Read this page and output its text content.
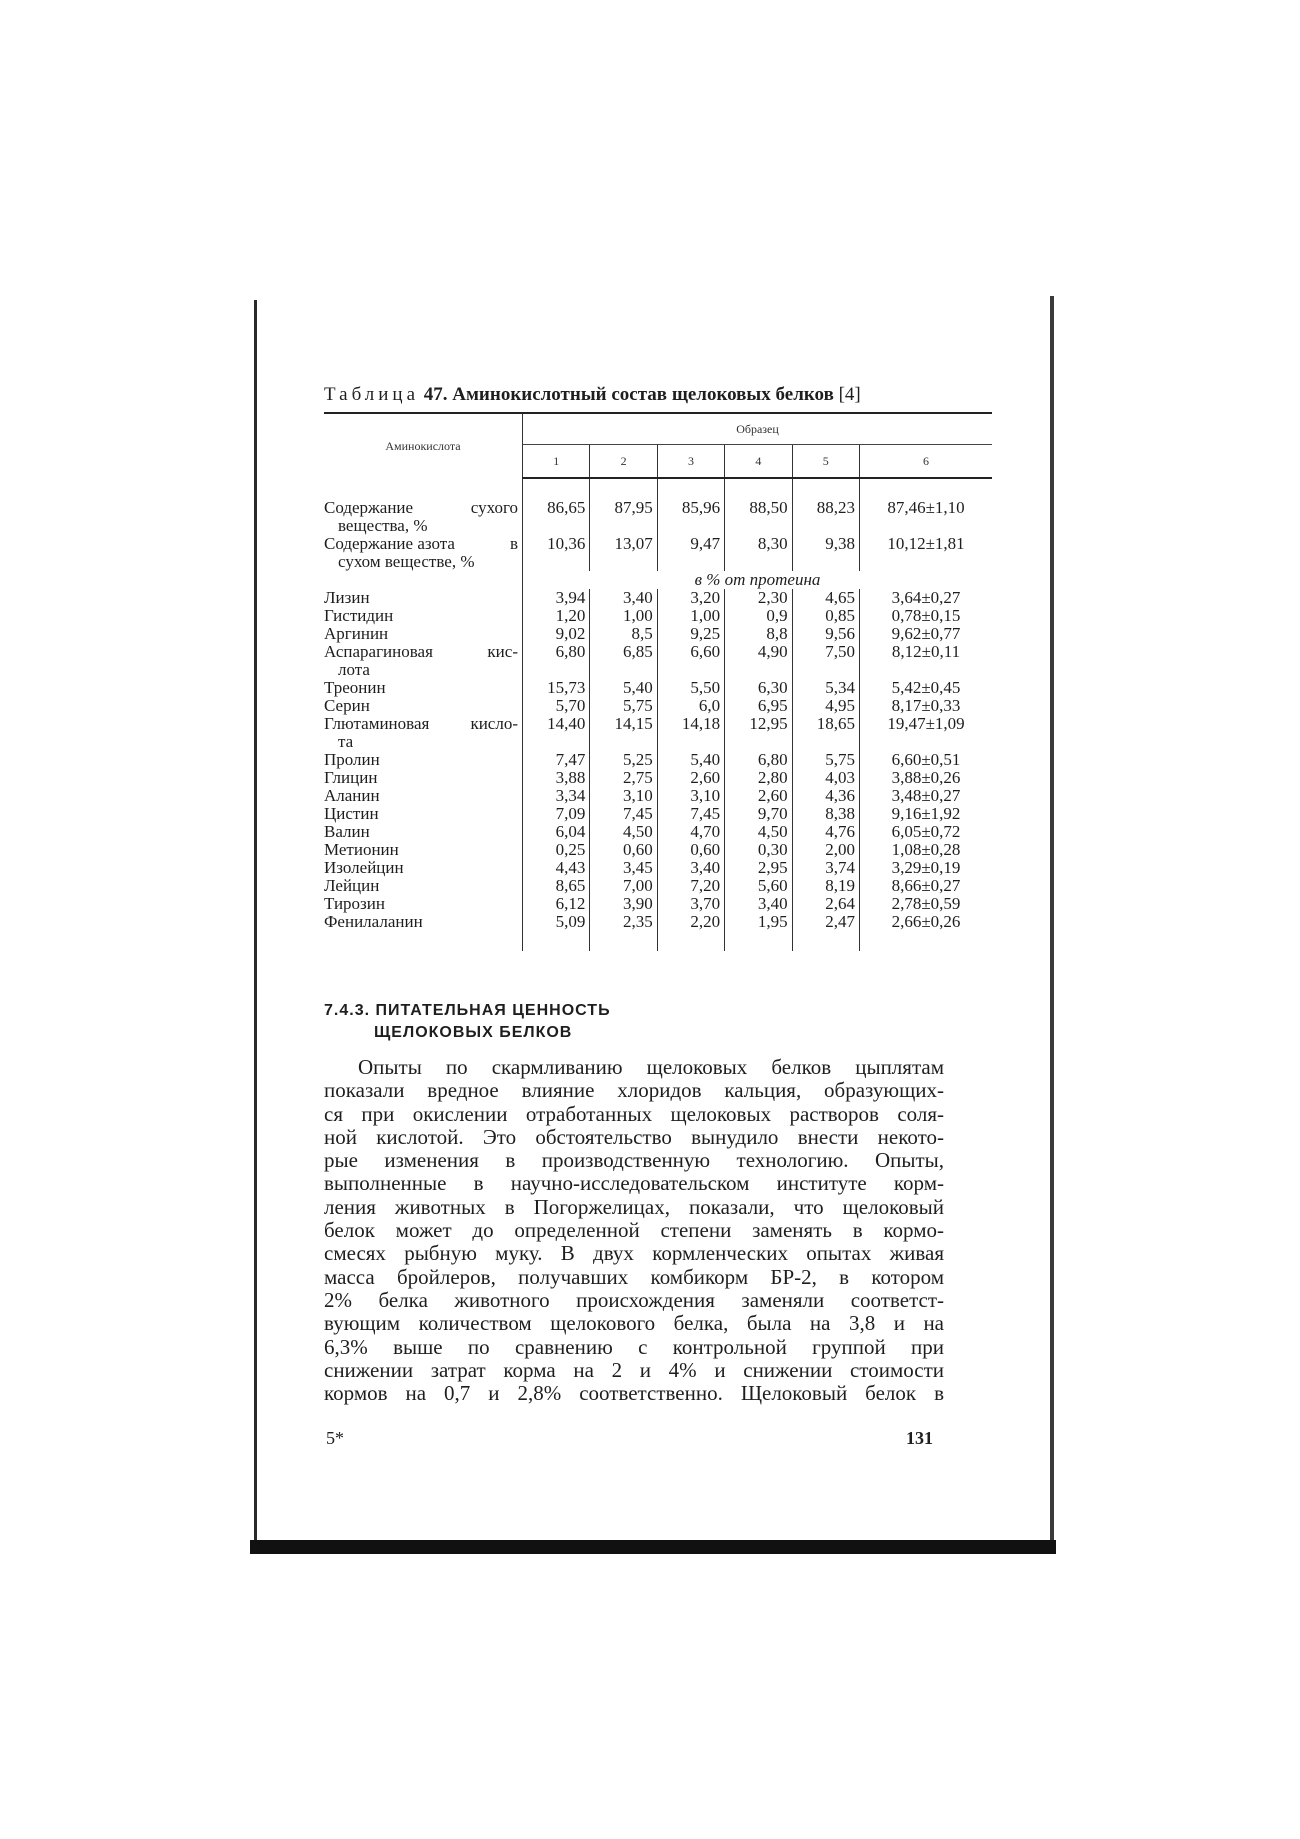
Таблица 47. Аминокислотный состав щелоковых белков [4]
Аминокислота	Образец					
	1	2	3	4	5	6

Содержание сухого
вещества, %	86,65	87,95	85,96	88,50	88,23	87,46±1,10

Содержание азота в
сухом веществе, %	10,36	13,07	9,47	8,30	9,38	10,12±1,81
	в % от протеина					

Лизин	3,94	3,40	3,20	2,30	4,65	3,64±0,27

Гистидин	1,20	1,00	1,00	0,9	0,85	0,78±0,15

Аргинин	9,02	8,5	9,25	8,8	9,56	9,62±0,77

Аспарагиновая кис-
лота	6,80	6,85	6,60	4,90	7,50	8,12±0,11

Треонин	15,73	5,40	5,50	6,30	5,34	5,42±0,45

Серин	5,70	5,75	6,0	6,95	4,95	8,17±0,33

Глютаминовая кисло-
та	14,40	14,15	14,18	12,95	18,65	19,47±1,09

Пролин	7,47	5,25	5,40	6,80	5,75	6,60±0,51

Глицин	3,88	2,75	2,60	2,80	4,03	3,88±0,26

Аланин	3,34	3,10	3,10	2,60	4,36	3,48±0,27

Цистин	7,09	7,45	7,45	9,70	8,38	9,16±1,92

Валин	6,04	4,50	4,70	4,50	4,76	6,05±0,72

Метионин	0,25	0,60	0,60	0,30	2,00	1,08±0,28

Изолейцин	4,43	3,45	3,40	2,95	3,74	3,29±0,19

Лейцин	8,65	7,00	7,20	5,60	8,19	8,66±0,27

Тирозин	6,12	3,90	3,70	3,40	2,64	2,78±0,59

Фенилаланин	5,09	2,35	2,20	1,95	2,47	2,66±0,26

7.4.3. ПИТАТЕЛЬНАЯ ЦЕННОСТЬ
ЩЕЛОКОВЫХ БЕЛКОВ
Опыты по скармливанию щелоковых белков цыплятам
показали вредное влияние хлоридов кальция, образующих-
ся при окислении отработанных щелоковых растворов соля-
ной кислотой. Это обстоятельство вынудило внести некото-
рые изменения в производственную технологию. Опыты,
выполненные в научно-исследовательском институте корм-
ления животных в Погоржелицах, показали, что щелоковый
белок может до определенной степени заменять в кормо-
смесях рыбную муку. В двух кормленческих опытах живая
масса бройлеров, получавших комбикорм БР-2, в котором
2% белка животного происхождения заменяли соответст-
вующим количеством щелокового белка, была на 3,8 и на
6,3% выше по сравнению с контрольной группой при
снижении затрат корма на 2 и 4% и снижении стоимости
кормов на 0,7 и 2,8% соответственно. Щелоковый белок в
5*	131
